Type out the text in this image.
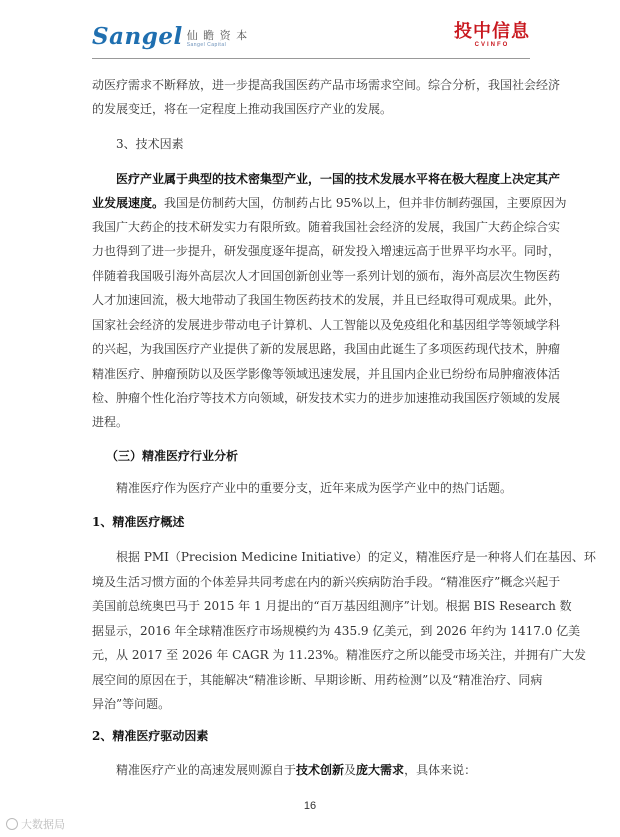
Sangel 仙 瞻 资 本
Sangel Capital
投中信息
CVINFO
动医疗需求不断释放，进一步提高我国医药产品市场需求空间。综合分析，我国社会经济
的发展变迁，将在一定程度上推动我国医疗产业的发展。
3、技术因素
医疗产业属于典型的技术密集型产业，一国的技术发展水平将在极大程度上决定其产
业发展速度。我国是仿制药大国，仿制药占比 95%以上，但并非仿制药强国，主要原因为
我国广大药企的技术研发实力有限所致。随着我国社会经济的发展，我国广大药企综合实
力也得到了进一步提升，研发强度逐年提高，研发投入增速远高于世界平均水平。同时，
伴随着我国吸引海外高层次人才回国创新创业等一系列计划的颁布，海外高层次生物医药
人才加速回流，极大地带动了我国生物医药技术的发展，并且已经取得可观成果。此外，
国家社会经济的发展进步带动电子计算机、人工智能以及免疫组化和基因组学等领域学科
的兴起，为我国医疗产业提供了新的发展思路，我国由此诞生了多项医药现代技术，肿瘤
精准医疗、肿瘤预防以及医学影像等领域迅速发展，并且国内企业已纷纷布局肿瘤液体活
检、肿瘤个性化治疗等技术方向领域，研发技术实力的进步加速推动我国医疗领域的发展
进程。
（三）精准医疗行业分析
精准医疗作为医疗产业中的重要分支，近年来成为医学产业中的热门话题。
1、精准医疗概述
根据 PMI（Precision Medicine Initiative）的定义，精准医疗是一种将人们在基因、环
境及生活习惯方面的个体差异共同考虑在内的新兴疾病防治手段。“精准医疗”概念兴起于
美国前总统奥巴马于 2015 年 1 月提出的“百万基因组测序”计划。根据 BIS Research 数
据显示，2016 年全球精准医疗市场规模约为 435.9 亿美元，到 2026 年约为 1417.0 亿美
元，从 2017 至 2026 年 CAGR 为 11.23%。精准医疗之所以能受市场关注，并拥有广大发
展空间的原因在于，其能解决“精准诊断、早期诊断、用药检测”以及“精准治疗、同病
异治”等问题。
2、精准医疗驱动因素
精准医疗产业的高速发展则源自于技术创新及庞大需求，具体来说：
16
大数据局
